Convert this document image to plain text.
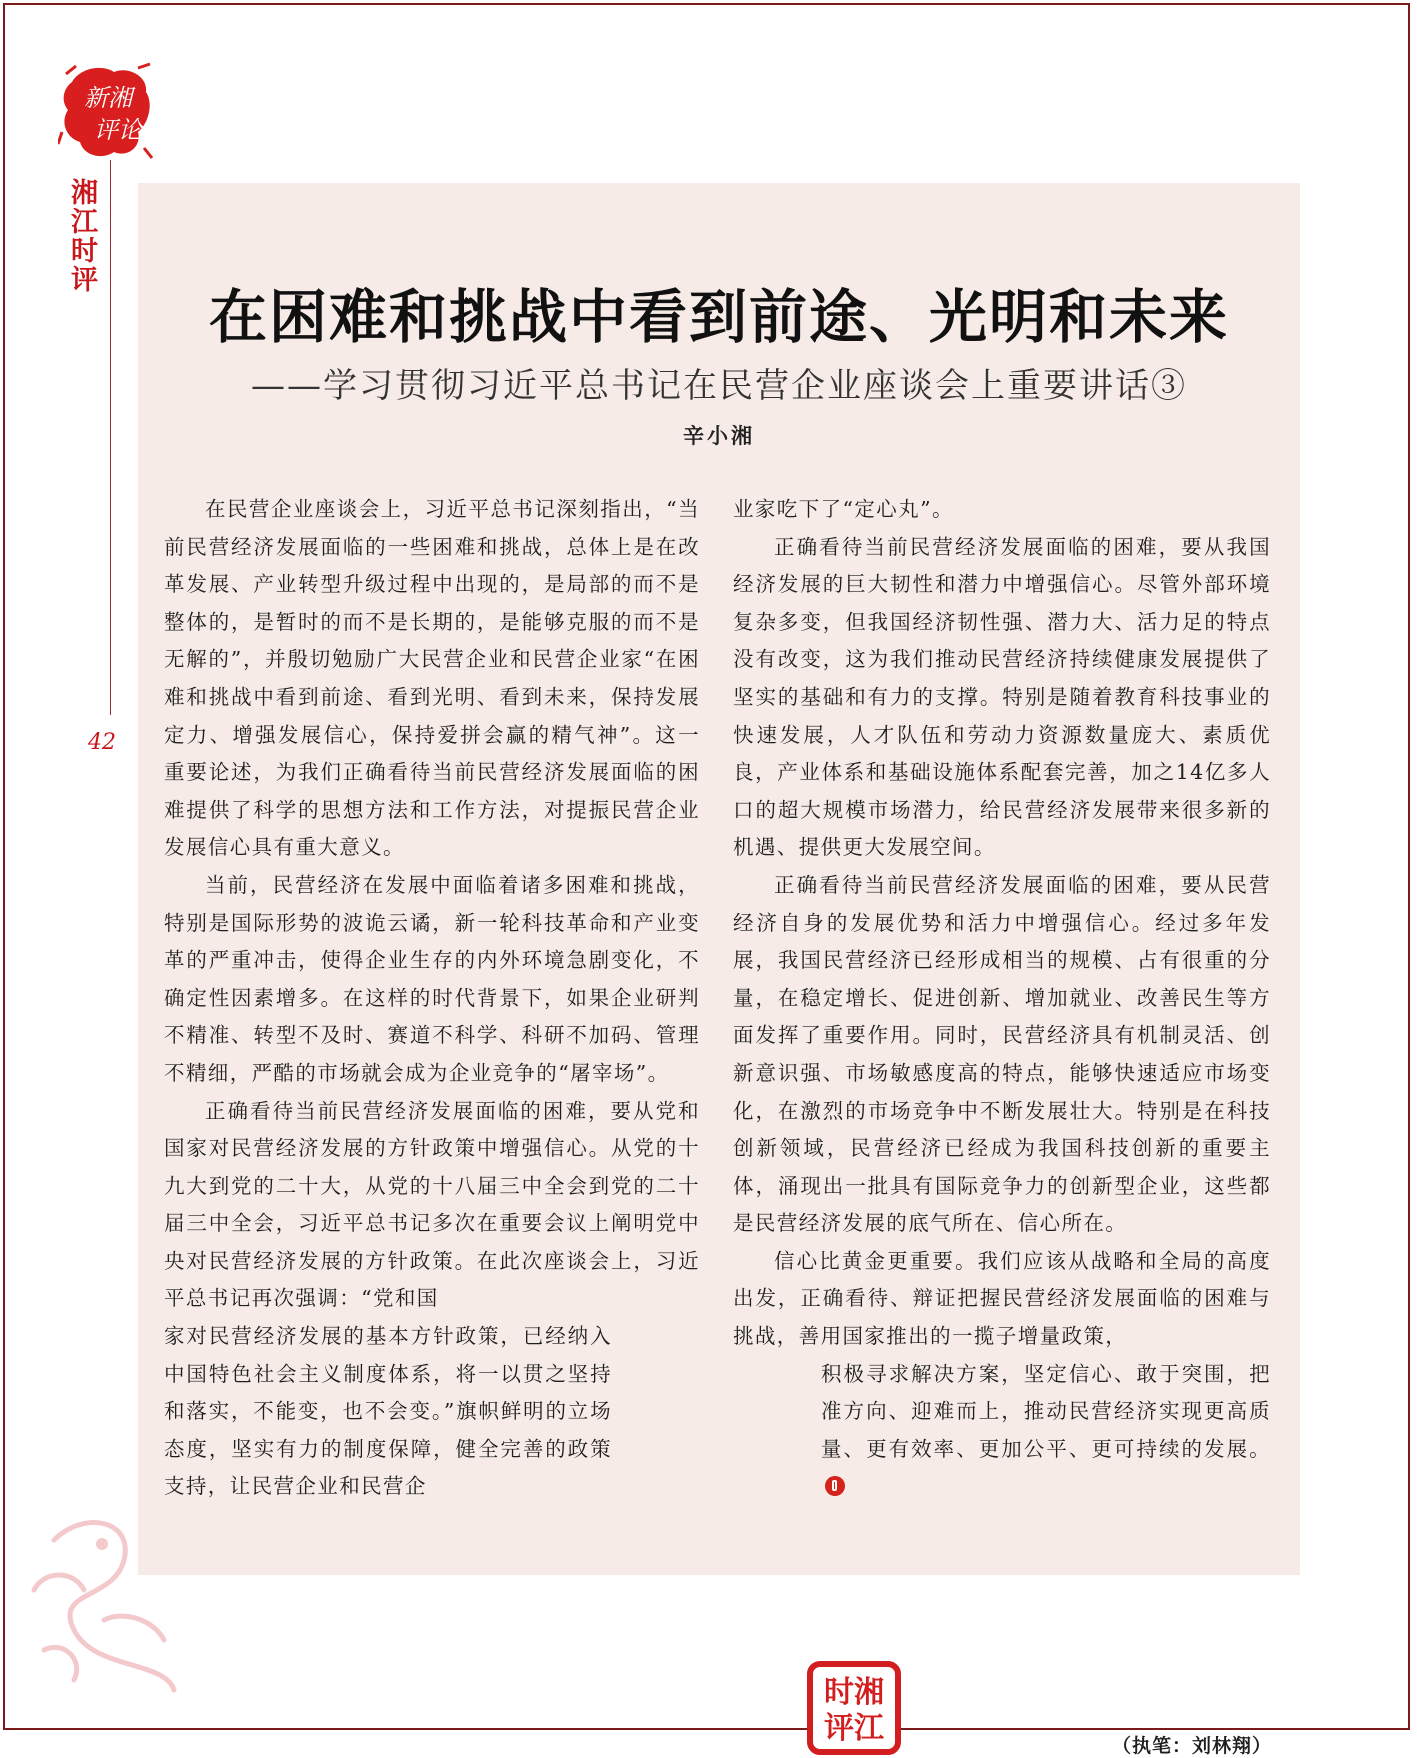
新湘
评论
湘江时评
42
在困难和挑战中看到前途、光明和未来
——学习贯彻习近平总书记在民营企业座谈会上重要讲话③
辛小湘

在民营企业座谈会上，习近平总书记深刻指出，“当前民营经济发展面临的一些困难和挑战，总体上是在改革发展、产业转型升级过程中出现的，是局部的而不是整体的，是暂时的而不是长期的，是能够克服的而不是无解的”，并殷切勉励广大民营企业和民营企业家“在困难和挑战中看到前途、看到光明、看到未来，保持发展定力、增强发展信心，保持爱拼会赢的精气神”。这一重要论述，为我们正确看待当前民营经济发展面临的困难提供了科学的思想方法和工作方法，对提振民营企业发展信心具有重大意义。

当前，民营经济在发展中面临着诸多困难和挑战，特别是国际形势的波诡云谲，新一轮科技革命和产业变革的严重冲击，使得企业生存的内外环境急剧变化，不确定性因素增多。在这样的时代背景下，如果企业研判不精准、转型不及时、赛道不科学、科研不加码、管理不精细，严酷的市场就会成为企业竞争的“屠宰场”。

正确看待当前民营经济发展面临的困难，要从党和国家对民营经济发展的方针政策中增强信心。从党的十九大到党的二十大，从党的十八届三中全会到党的二十届三中全会，习近平总书记多次在重要会议上阐明党中央对民营经济发展的方针政策。在此次座谈会上，习近平总书记再次强调：“党和国

家对民营经济发展的基本方针政策，已经纳入中国特色社会主义制度体系，将一以贯之坚持和落实，不能变，也不会变。”旗帜鲜明的立场态度，坚实有力的制度保障，健全完善的政策支持，让民营企业和民营企
业家吃下了“定心丸”。

正确看待当前民营经济发展面临的困难，要从我国经济发展的巨大韧性和潜力中增强信心。尽管外部环境复杂多变，但我国经济韧性强、潜力大、活力足的特点没有改变，这为我们推动民营经济持续健康发展提供了坚实的基础和有力的支撑。特别是随着教育科技事业的快速发展，人才队伍和劳动力资源数量庞大、素质优良，产业体系和基础设施体系配套完善，加之14亿多人口的超大规模市场潜力，给民营经济发展带来很多新的机遇、提供更大发展空间。

正确看待当前民营经济发展面临的困难，要从民营经济自身的发展优势和活力中增强信心。经过多年发展，我国民营经济已经形成相当的规模、占有很重的分量，在稳定增长、促进创新、增加就业、改善民生等方面发挥了重要作用。同时，民营经济具有机制灵活、创新意识强、市场敏感度高的特点，能够快速适应市场变化，在激烈的市场竞争中不断发展壮大。特别是在科技创新领域，民营经济已经成为我国科技创新的重要主体，涌现出一批具有国际竞争力的创新型企业，这些都是民营经济发展的底气所在、信心所在。

信心比黄金更重要。我们应该从战略和全局的高度出发，正确看待、辩证把握民营经济发展面临的困难与挑战，善用国家推出的一揽子增量政策，

积极寻求解决方案，坚定信心、敢于突围，把准方向、迎难而上，推动民营经济实现更高质量、更有效率、更加公平、更可持续的发展。
时湘
评江	（执笔：刘林翔）
